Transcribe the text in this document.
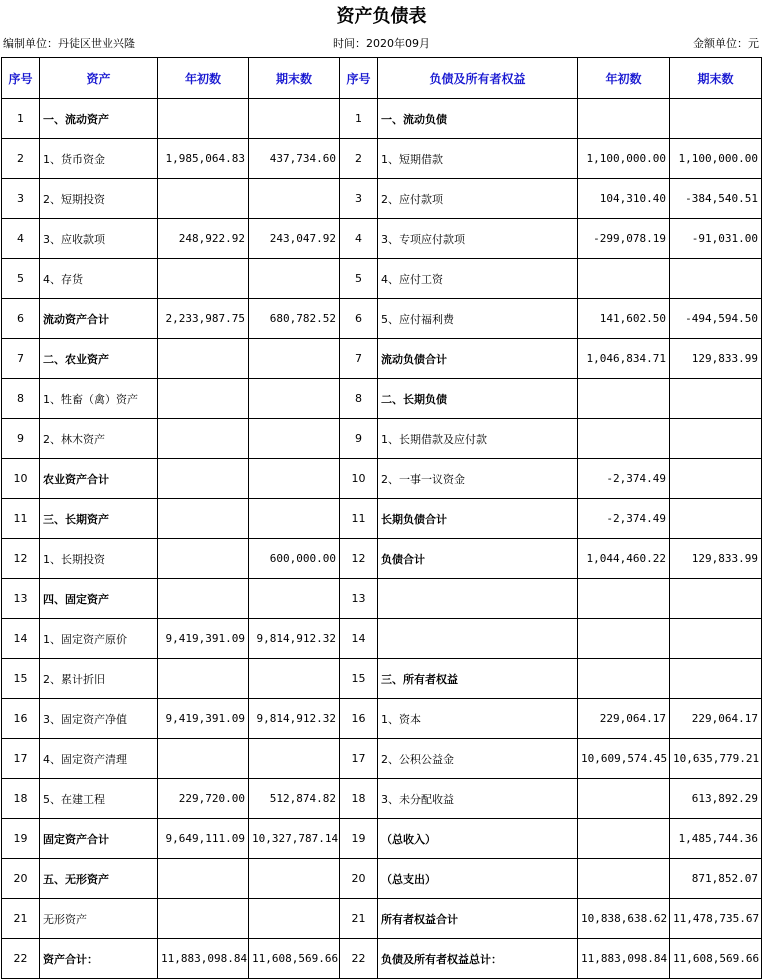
资产负债表
编制单位：丹徒区世业兴隆	时间：2020年09月	金额单位：元
序号	资产	年初数	期末数	序号	负债及所有者权益	年初数	期末数
1	一、流动资产			1	一、流动负债		
2	1、货币资金	1,985,064.83	437,734.60	2	1、短期借款	1,100,000.00	1,100,000.00
3	2、短期投资			3	2、应付款项	104,310.40	-384,540.51
4	3、应收款项	248,922.92	243,047.92	4	3、专项应付款项	-299,078.19	-91,031.00
5	4、存货			5	4、应付工资		
6	流动资产合计	2,233,987.75	680,782.52	6	5、应付福利费	141,602.50	-494,594.50
7	二、农业资产			7	流动负债合计	1,046,834.71	129,833.99
8	1、牲畜（禽）资产			8	二、长期负债		
9	2、林木资产			9	1、长期借款及应付款		
10	农业资产合计			10	2、一事一议资金	-2,374.49	
11	三、长期资产			11	长期负债合计	-2,374.49	
12	1、长期投资		600,000.00	12	负债合计	1,044,460.22	129,833.99
13	四、固定资产			13			
14	1、固定资产原价	9,419,391.09	9,814,912.32	14			
15	2、累计折旧			15	三、所有者权益		
16	3、固定资产净值	9,419,391.09	9,814,912.32	16	1、资本	229,064.17	229,064.17
17	4、固定资产清理			17	2、公积公益金	10,609,574.45	10,635,779.21
18	5、在建工程	229,720.00	512,874.82	18	3、未分配收益		613,892.29
19	固定资产合计	9,649,111.09	10,327,787.14	19	（总收入）		1,485,744.36
20	五、无形资产			20	（总支出）		871,852.07
21	无形资产			21	所有者权益合计	10,838,638.62	11,478,735.67
22	资产合计：	11,883,098.84	11,608,569.66	22	负债及所有者权益总计：	11,883,098.84	11,608,569.66
